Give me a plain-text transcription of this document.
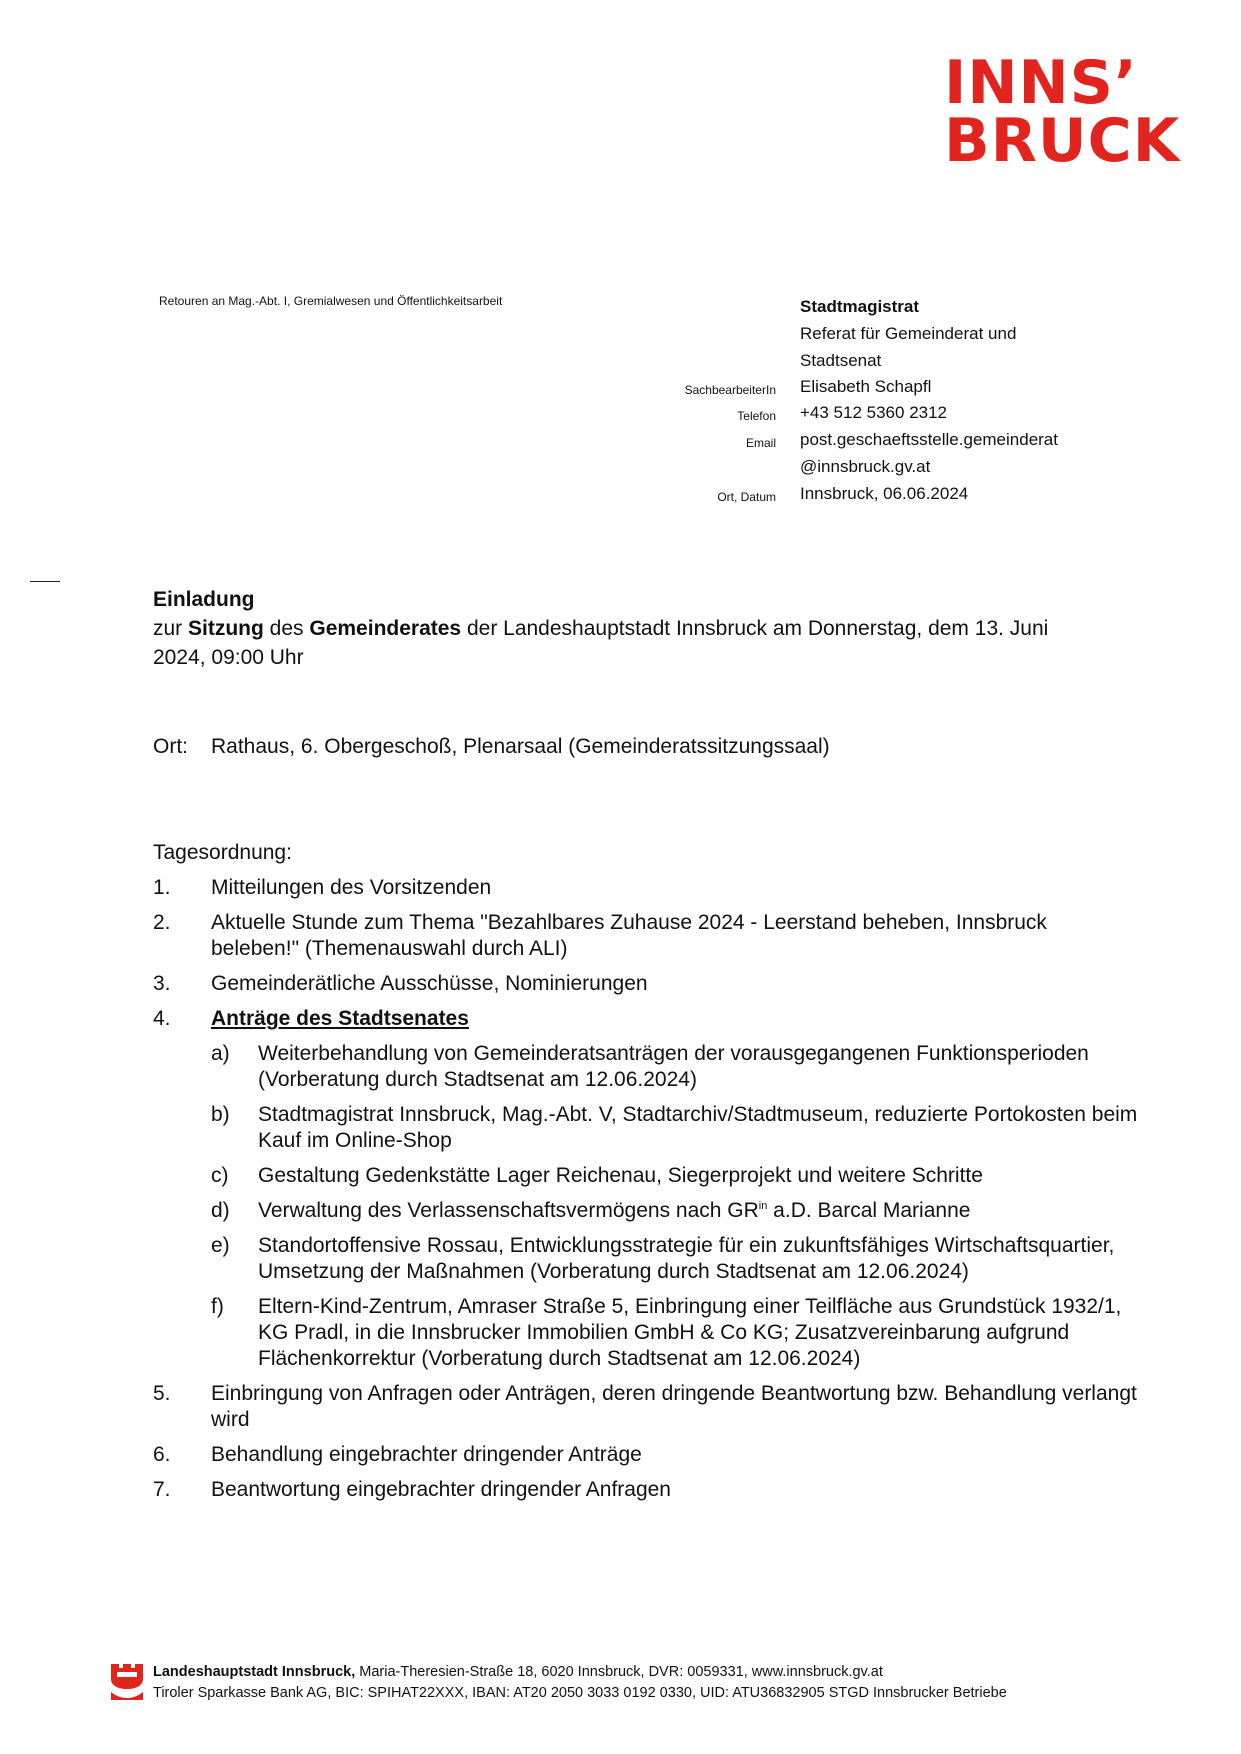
INNS’
BRUCK
Retouren an Mag.-Abt. I, Gremialwesen und Öffentlichkeitsarbeit	Stadtmagistrat
Referat für Gemeinderat und
Stadtsenat
SachbearbeiterIn Elisabeth Schapfl
Telefon +43 512 5360 2312
Email post.geschaeftsstelle.gemeinderat
@innsbruck.gv.at
Ort, Datum Innsbruck, 06.06.2024
Einladung
zur Sitzung des Gemeinderates der Landeshauptstadt Innsbruck am Donnerstag, dem 13. Juni 2024, 09:00 Uhr
Ort: Rathaus, 6. Obergeschoß, Plenarsaal (Gemeinderatssitzungssaal)
Tagesordnung:
1. Mitteilungen des Vorsitzenden
2. Aktuelle Stunde zum Thema "Bezahlbares Zuhause 2024 - Leerstand beheben, Innsbruck beleben!" (Themenauswahl durch ALI)
3. Gemeinderätliche Ausschüsse, Nominierungen
4. Anträge des Stadtsenates
a) Weiterbehandlung von Gemeinderatsanträgen der vorausgegangenen Funktionsperioden (Vorberatung durch Stadtsenat am 12.06.2024)
b) Stadtmagistrat Innsbruck, Mag.-Abt. V, Stadtarchiv/Stadtmuseum, reduzierte Portokosten beim Kauf im Online-Shop
c) Gestaltung Gedenkstätte Lager Reichenau, Siegerprojekt und weitere Schritte
d) Verwaltung des Verlassenschaftsvermögens nach $GR^{in}$ a.D. Barcal Marianne
e) Standortoffensive Rossau, Entwicklungsstrategie für ein zukunftsfähiges Wirtschaftsquartier, Umsetzung der Maßnahmen (Vorberatung durch Stadtsenat am 12.06.2024)
f) Eltern-Kind-Zentrum, Amraser Straße 5, Einbringung einer Teilfläche aus Grundstück 1932/1, KG Pradl, in die Innsbrucker Immobilien GmbH & Co KG; Zusatzvereinbarung aufgrund Flächenkorrektur (Vorberatung durch Stadtsenat am 12.06.2024)
5. Einbringung von Anfragen oder Anträgen, deren dringende Beantwortung bzw. Behandlung verlangt wird
6. Behandlung eingebrachter dringender Anträge
7. Beantwortung eingebrachter dringender Anfragen
Landeshauptstadt Innsbruck, Maria-Theresien-Straße 18, 6020 Innsbruck, DVR: 0059331, www.innsbruck.gv.at
Tiroler Sparkasse Bank AG, BIC: SPIHAT22XXX, IBAN: AT20 2050 3033 0192 0330, UID: ATU36832905 STGD Innsbrucker Betriebe
